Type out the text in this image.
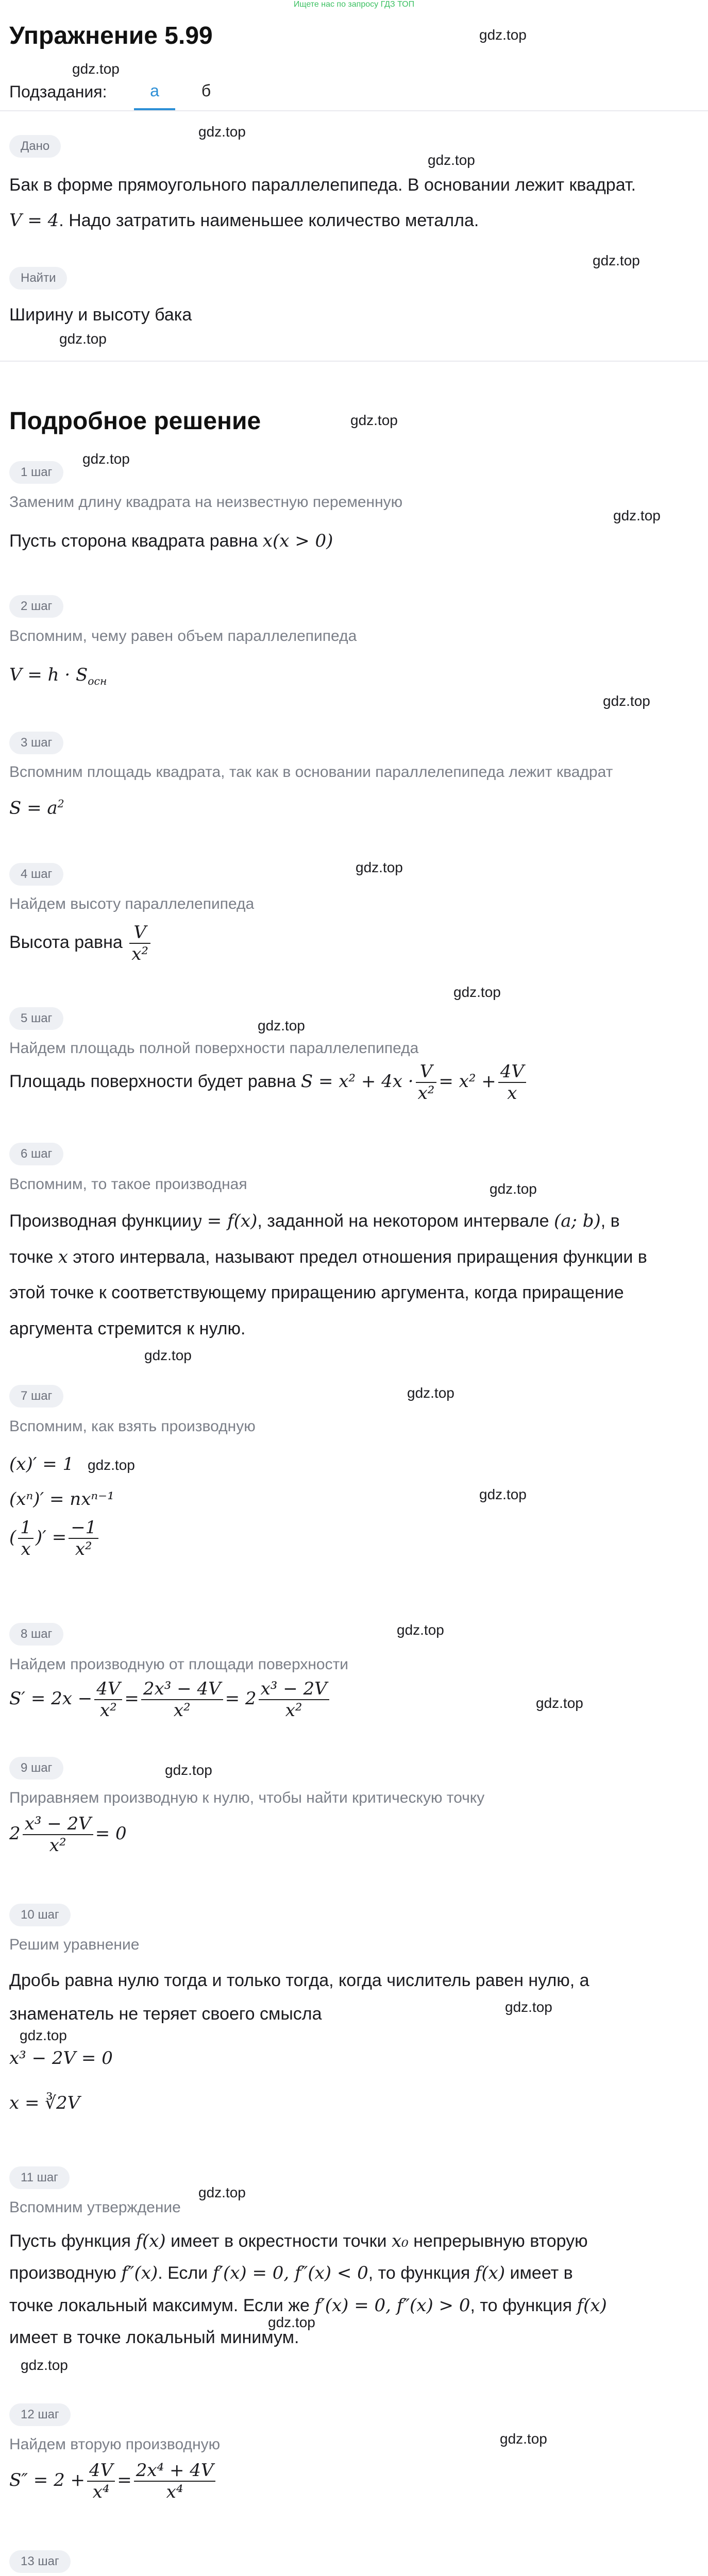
Ищете нас по запросу ГДЗ ТОП
Упражнение 5.99	gdz.top
gdz.top
Подзадания:	а	б
gdz.top
Дано
gdz.top
Бак в форме прямоугольного параллелепипеда. В основании лежит квадрат.
V = 4. Надо затратить наименьшее количество металла.
gdz.top
Найти
Ширину и высоту бака
gdz.top
Подробное решение	gdz.top
gdz.top
1 шаг
Заменим длину квадрата на неизвестную переменную
gdz.top
Пусть сторона квадрата равна x(x > 0)
2 шаг
Вспомним, чему равен объем параллелепипеда
$V = h \cdot S_{осн}$
gdz.top
3 шаг
Вспомним площадь квадрата, так как в основании параллелепипеда лежит квадрат
$S = a^2$
gdz.top
4 шаг
Найдем высоту параллелепипеда
Высота равна $\frac{V}{\text{x²}}$
gdz.top
5 шаг	gdz.top
Найдем площадь полной поверхности параллелепипеда
Площадь поверхности будет равна $S = x^2 + 4x \cdot \frac{V}{\text{x²}} = x^2 + \frac{4V}{x}$
6 шаг
Вспомним, то такое производная	gdz.top
Производная функцииy = f(x), заданной на некотором интервале (a; b), в
точке x этого интервала, называют предел отношения приращения функции в
этой точке к соответствующему приращению аргумента, когда приращение
аргумента стремится к нулю.
gdz.top
gdz.top
7 шаг
Вспомним, как взять производную
(x)′ = 1 gdz.top
(xⁿ)′ = nxⁿ⁻¹	gdz.top
( $\frac{1}{x}$ )′ = $\frac{-1}{\text{x²}}$
8 шаг	gdz.top
Найдем производную от площади поверхности
$S' = 2x - \frac{4V}{\text{x²}} = \frac{\text{2x³ − 4V}}{\text{x²}} = 2 \frac{\text{x³ − 2V}}{\text{x²}}$	gdz.top
9 шаг	gdz.top
Приравняем производную к нулю, чтобы найти критическую точку
$2 \frac{\text{x³ − 2V}}{\text{x²}} = 0$
10 шаг
Решим уравнение
Дробь равна нулю тогда и только тогда, когда числитель равен нулю, а
gdz.top
знаменатель не теряет своего смысла
gdz.top
x³ − 2V = 0
x = ∛2V
11 шаг
gdz.top
Вспомним утверждение
Пусть функция f(x) имеет в окрестности точки x₀ непрерывную вторую
производную f″(x). Если f′(x) = 0, f″(x) < 0, то функция f(x) имеет в
точке локальный максимум. Если же f′(x) = 0, f″(x) > 0, то функция f(x)
gdz.top
имеет в точке локальный минимум.
gdz.top
12 шаг
gdz.top
Найдем вторую производную
$S'' = 2 + \frac{4V}{\text{x⁴}} = \frac{\text{2x⁴ + 4V}}{\text{x⁴}}$
13 шаг
